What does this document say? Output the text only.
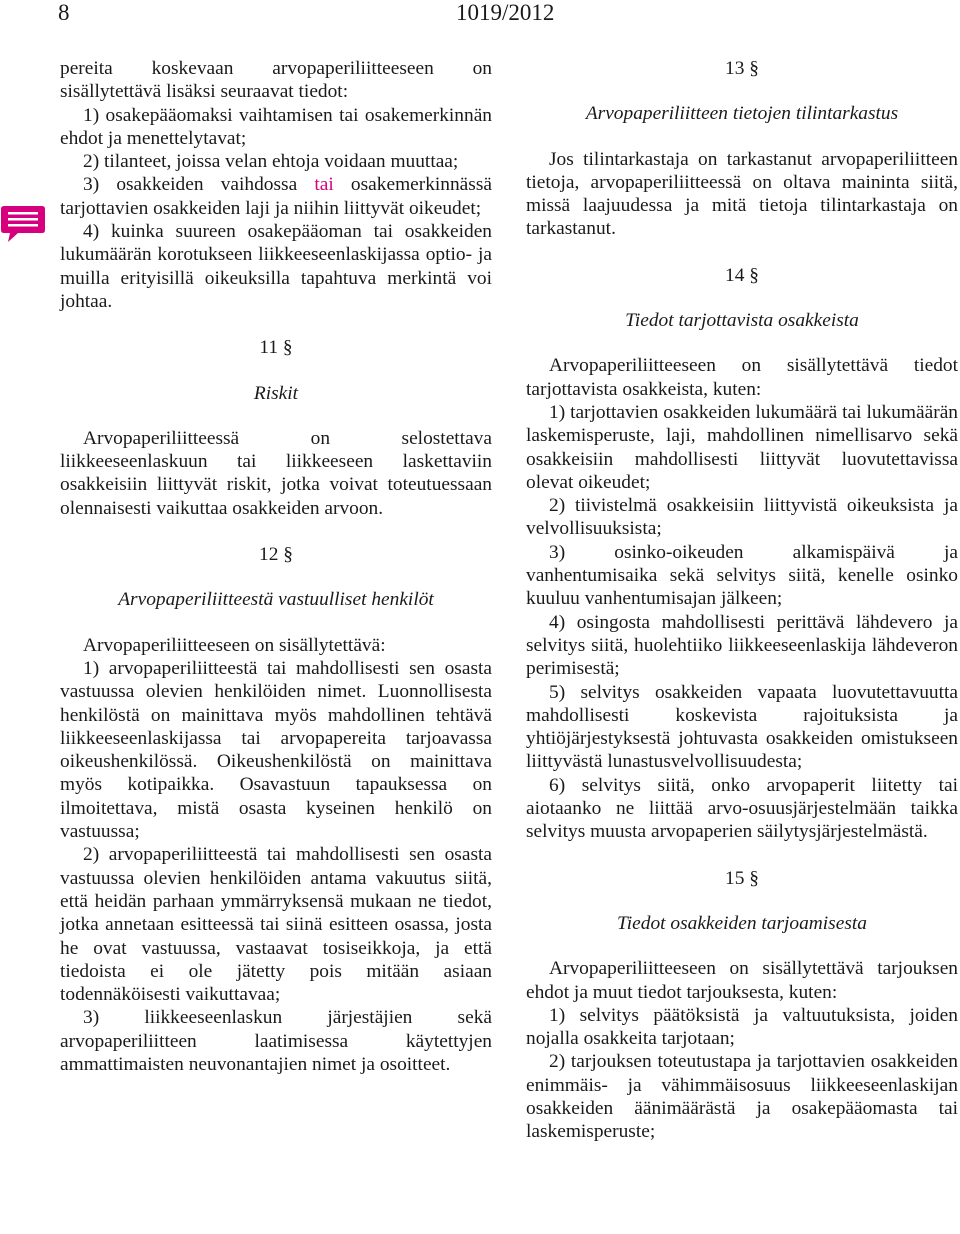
8	1019/2012

pereita koskevaan arvopaperiliitteeseen on sisällytettävä lisäksi seuraavat tiedot:

1) osakepääomaksi vaihtamisen tai osakemerkinnän ehdot ja menettelytavat;

2) tilanteet, joissa velan ehtoja voidaan muuttaa;

3) osakkeiden vaihdossa tai osakemerkinnässä tarjottavien osakkeiden laji ja niihin liittyvät oikeudet;

4) kuinka suureen osakepääoman tai osakkeiden lukumäärän korotukseen liikkeeseenlaskijassa optio- ja muilla erityisillä oikeuksilla tapahtuva merkintä voi johtaa.

11 §
Riskit

Arvopaperiliitteessä on selostettava liikkeeseenlaskuun tai liikkeeseen laskettaviin osakkeisiin liittyvät riskit, jotka voivat toteutuessaan olennaisesti vaikuttaa osakkeiden arvoon.

12 §
Arvopaperiliitteestä vastuulliset henkilöt

Arvopaperiliitteeseen on sisällytettävä:

1) arvopaperiliitteestä tai mahdollisesti sen osasta vastuussa olevien henkilöiden nimet. Luonnollisesta henkilöstä on mainittava myös mahdollinen tehtävä liikkeeseenlaskijassa tai arvopapereita tarjoavassa oikeushenkilössä. Oikeushenkilöstä on mainittava myös kotipaikka. Osavastuun tapauksessa on ilmoitettava, mistä osasta kyseinen henkilö on vastuussa;

2) arvopaperiliitteestä tai mahdollisesti sen osasta vastuussa olevien henkilöiden antama vakuutus siitä, että heidän parhaan ymmärryksensä mukaan ne tiedot, jotka annetaan esitteessä tai siinä esitteen osassa, josta he ovat vastuussa, vastaavat tosiseikkoja, ja että tiedoista ei ole jätetty pois mitään asiaan todennäköisesti vaikuttavaa;

3) liikkeeseenlaskun järjestäjien sekä arvopaperiliitteen laatimisessa käytettyjen ammattimaisten neuvonantajien nimet ja osoitteet.

13 §
Arvopaperiliitteen tietojen tilintarkastus

Jos tilintarkastaja on tarkastanut arvopaperiliitteen tietoja, arvopaperiliitteessä on oltava maininta siitä, missä laajuudessa ja mitä tietoja tilintarkastaja on tarkastanut.

14 §
Tiedot tarjottavista osakkeista

Arvopaperiliitteeseen on sisällytettävä tiedot tarjottavista osakkeista, kuten:

1) tarjottavien osakkeiden lukumäärä tai lukumäärän laskemisperuste, laji, mahdollinen nimellisarvo sekä osakkeisiin mahdollisesti liittyvät luovutettavissa olevat oikeudet;

2) tiivistelmä osakkeisiin liittyvistä oikeuksista ja velvollisuuksista;

3) osinko-oikeuden alkamispäivä ja vanhentumisaika sekä selvitys siitä, kenelle osinko kuuluu vanhentumisajan jälkeen;

4) osingosta mahdollisesti perittävä lähdevero ja selvitys siitä, huolehtiiko liikkeeseenlaskija lähdeveron perimisestä;

5) selvitys osakkeiden vapaata luovutettavuutta mahdollisesti koskevista rajoituksista ja yhtiöjärjestyksestä johtuvasta osakkeiden omistukseen liittyvästä lunastusvelvollisuudesta;

6) selvitys siitä, onko arvopaperit liitetty tai aiotaanko ne liittää arvo-osuusjärjestelmään taikka selvitys muusta arvopaperien säilytysjärjestelmästä.

15 §
Tiedot osakkeiden tarjoamisesta

Arvopaperiliitteeseen on sisällytettävä tarjouksen ehdot ja muut tiedot tarjouksesta, kuten:

1) selvitys päätöksistä ja valtuutuksista, joiden nojalla osakkeita tarjotaan;

2) tarjouksen toteutustapa ja tarjottavien osakkeiden enimmäis- ja vähimmäisosuus liikkeeseenlaskijan osakkeiden äänimäärästä ja osakepääomasta tai laskemisperuste;
